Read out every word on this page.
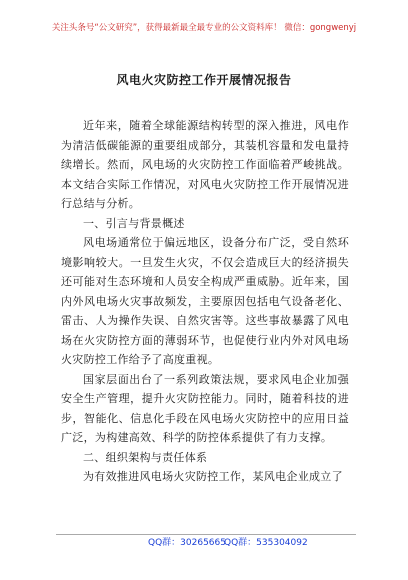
关注头条号“公文研究”，获得最新最全最专业的公文资料库！ 微信：gongwenyj
风电火灾防控工作开展情况报告

近年来，随着全球能源结构转型的深入推进，风电作为清洁低碳能源的重要组成部分，其装机容量和发电量持续增长。然而，风电场的火灾防控工作面临着严峻挑战。本文结合实际工作情况，对风电火灾防控工作开展情况进行总结与分析。

一、引言与背景概述

风电场通常位于偏远地区，设备分布广泛，受自然环境影响较大。一旦发生火灾，不仅会造成巨大的经济损失还可能对生态环境和人员安全构成严重威胁。近年来，国内外风电场火灾事故频发，主要原因包括电气设备老化、雷击、人为操作失误、自然灾害等。这些事故暴露了风电场在火灾防控方面的薄弱环节，也促使行业内外对风电场火灾防控工作给予了高度重视。

国家层面出台了一系列政策法规，要求风电企业加强安全生产管理，提升火灾防控能力。同时，随着科技的进步，智能化、信息化手段在风电场火灾防控中的应用日益广泛，为构建高效、科学的防控体系提供了有力支撑。

二、组织架构与责任体系

为有效推进风电场火灾防控工作，某风电企业成立了

QQ群：30265665
QQ群：535304092
